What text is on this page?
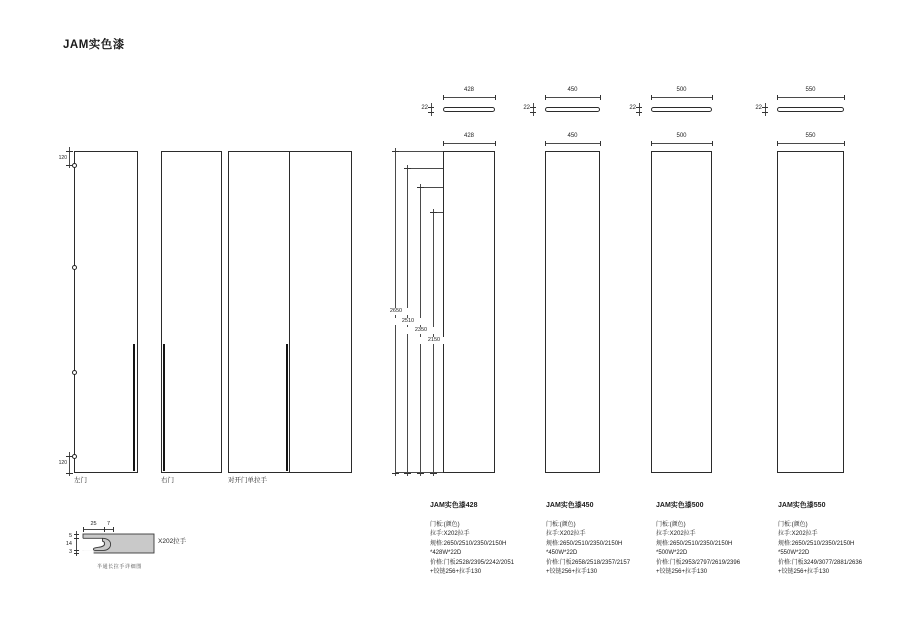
JAM实色漆
左门	右门	对开门单拉手
120
120
428
22
450
22
500
22
550
22
428	450	500	550
2650
2510
2350
2150
25	7
5
14
3
X202拉手
半通长拉手详细图
JAM实色漆428
门板:(颜色)
拉手:X202拉手
规格:2650/2510/2350/2150H
*428W*22D
价格:门板2528/2395/2242/2051
+铰链256+拉手130
JAM实色漆450
门板:(颜色)
拉手:X202拉手
规格:2650/2510/2350/2150H
*450W*22D
价格:门板2658/2518/2357/2157
+铰链256+拉手130
JAM实色漆500
门板:(颜色)
拉手:X202拉手
规格:2650/2510/2350/2150H
*500W*22D
价格:门板2953/2797/2619/2396
+铰链256+拉手130
JAM实色漆550
门板:(颜色)
拉手:X202拉手
规格:2650/2510/2350/2150H
*550W*22D
价格:门板3249/3077/2881/2636
+铰链256+拉手130
